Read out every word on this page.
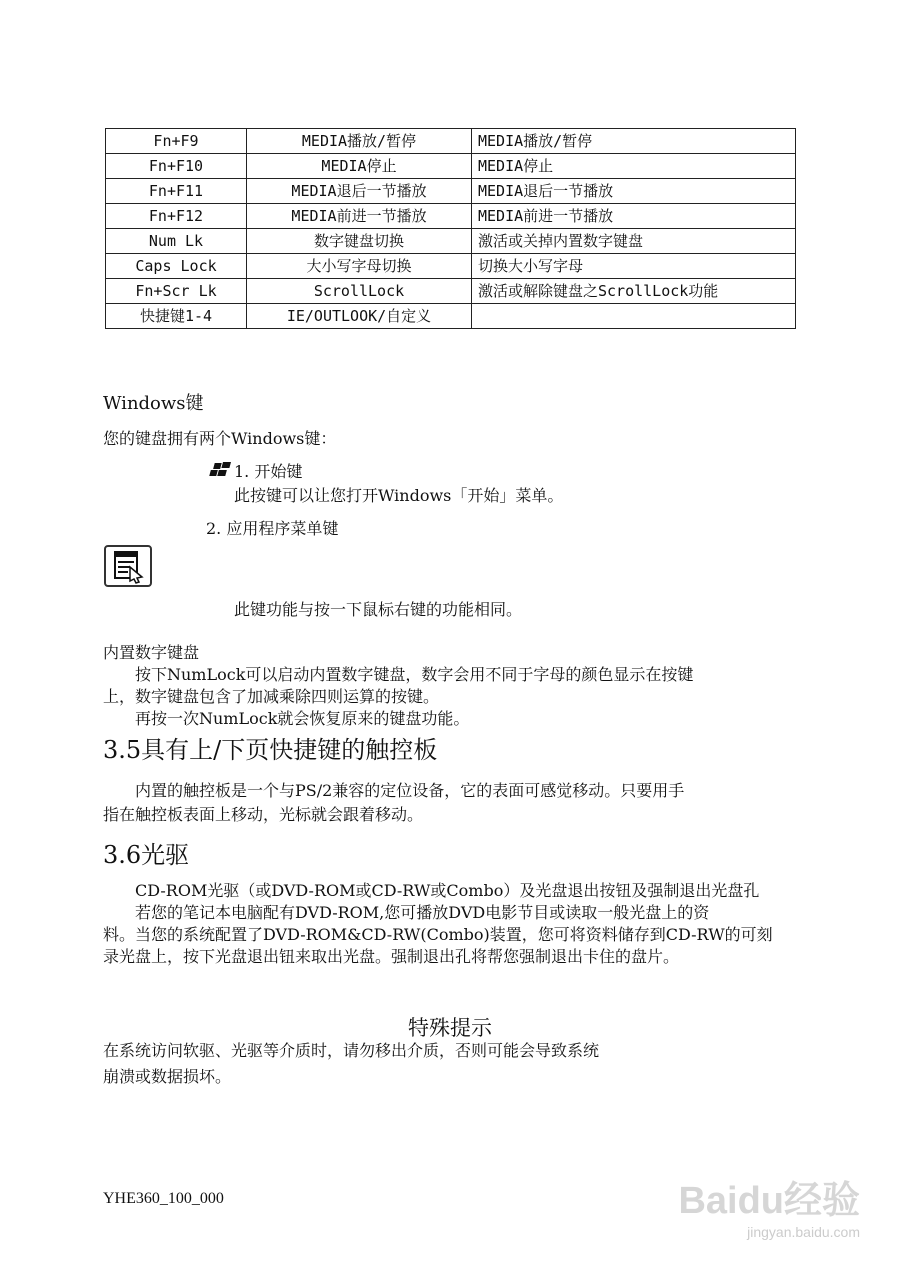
Fn+F9	MEDIA播放/暂停	MEDIA播放/暂停
Fn+F10	MEDIA停止	MEDIA停止
Fn+F11	MEDIA退后一节播放	MEDIA退后一节播放
Fn+F12	MEDIA前进一节播放	MEDIA前进一节播放
Num Lk	数字键盘切换	激活或关掉内置数字键盘
Caps Lock	大小写字母切换	切换大小写字母
Fn+Scr Lk	ScrollLock	激活或解除键盘之ScrollLock功能
快捷键1-4	IE/OUTLOOK/自定义	
Windows键
您的键盘拥有两个Windows键：
1. 开始键
此按键可以让您打开Windows「开始」菜单。
2. 应用程序菜单键
此键功能与按一下鼠标右键的功能相同。
内置数字键盘
按下NumLock可以启动内置数字键盘，数字会用不同于字母的颜色显示在按键
上，数字键盘包含了加减乘除四则运算的按键。
再按一次NumLock就会恢复原来的键盘功能。
3.5具有上/下页快捷键的触控板
内置的触控板是一个与PS/2兼容的定位设备，它的表面可感觉移动。只要用手
指在触控板表面上移动，光标就会跟着移动。
3.6光驱
CD-ROM光驱（或DVD-ROM或CD-RW或Combo）及光盘退出按钮及强制退出光盘孔
若您的笔记本电脑配有DVD-ROM,您可播放DVD电影节目或读取一般光盘上的资
料。当您的系统配置了DVD-ROM&CD-RW(Combo)装置，您可将资料储存到CD-RW的可刻
录光盘上，按下光盘退出钮来取出光盘。强制退出孔将帮您强制退出卡住的盘片。
特殊提示
在系统访问软驱、光驱等介质时，请勿移出介质，否则可能会导致系统
崩溃或数据损坏。
YHE360_100_000	Baidu经验
jingyan.baidu.com
